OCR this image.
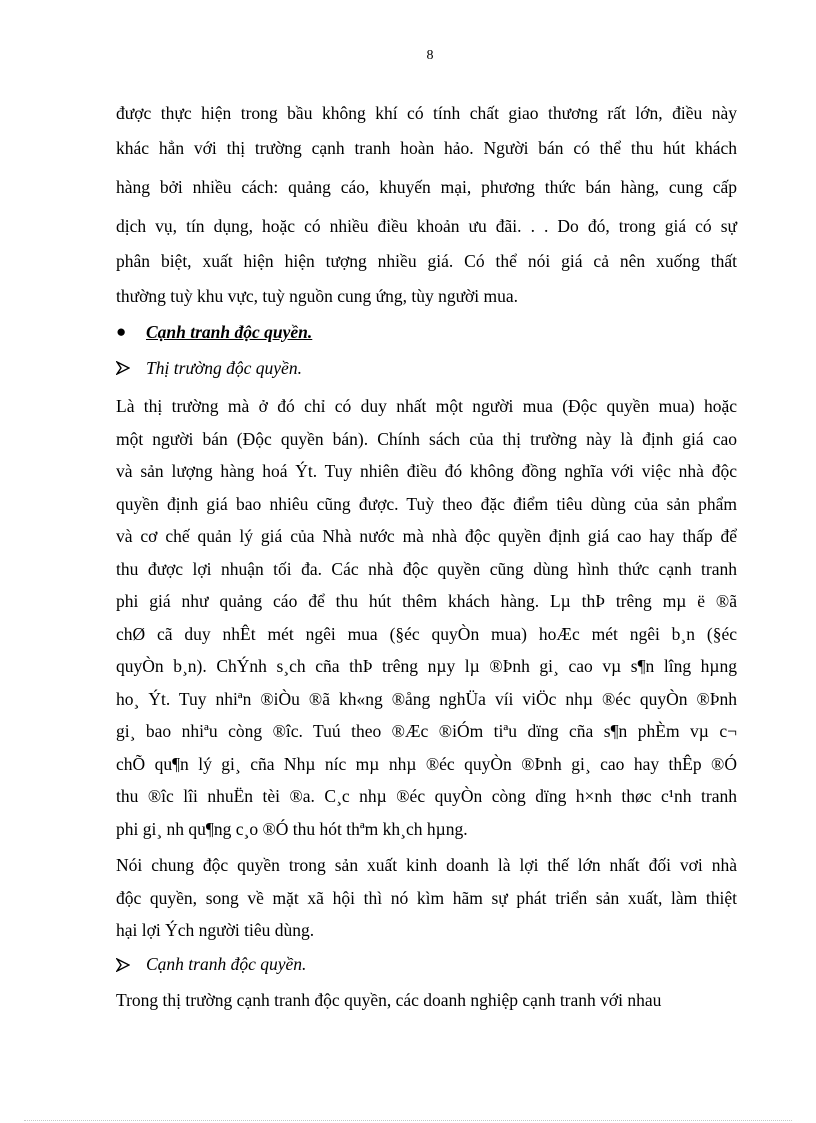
8
được thực hiện trong bầu không khí có tính chất giao thương rất lớn, điều này
khác hẳn với thị trường cạnh tranh hoàn hảo. Người bán có thể thu hút khách
hàng bởi nhiều cách: quảng cáo, khuyến mại, phương thức bán hàng, cung cấp
dịch vụ, tín dụng, hoặc có nhiều điều khoản ưu đãi. . . Do đó, trong giá có sự
phân biệt, xuất hiện hiện tượng nhiều giá. Có thể nói giá cả nên xuống thất
thường tuỳ khu vực, tuỳ nguồn cung ứng, tùy người mua.
●	Cạnh tranh độc quyền.
Thị trường độc quyền.
Là thị trường mà ở đó chỉ có duy nhất một người mua (Độc quyền mua) hoặc
một người bán (Độc quyền bán). Chính sách của thị trường này là định giá cao
và sản lượng hàng hoá Ýt. Tuy nhiên điều đó không đồng nghĩa với việc nhà độc
quyền định giá bao nhiêu cũng được. Tuỳ theo đặc điểm tiêu dùng của sản phẩm
và cơ chế quản lý giá của Nhà nước mà nhà độc quyền định giá cao hay thấp để
thu được lợi nhuận tối đa. Các nhà độc quyền cũng dùng hình thức cạnh tranh
phi giá như quảng cáo để thu hút thêm khách hàng. Lµ thÞ trêng mµ ë ®ã
chØ cã duy nhÊt mét ngêi mua (§éc quyÒn mua) hoÆc mét ngêi b¸n (§éc
quyÒn b¸n). ChÝnh s¸ch cña thÞ trêng nµy lµ ®Þnh gi¸ cao vµ s¶n lîng hµng
ho¸ Ýt. Tuy nhiªn ®iÒu ®ã kh«ng ®ång nghÜa víi viÖc nhµ ®éc quyÒn ®Þnh
gi¸ bao nhiªu còng ®îc. Tuú theo ®Æc ®iÓm tiªu dïng cña s¶n phÈm vµ c¬
chÕ qu¶n lý gi¸ cña Nhµ níc mµ nhµ ®éc quyÒn ®Þnh gi¸ cao hay thÊp ®Ó
thu ®îc lîi nhuËn tèi ®a. C¸c nhµ ®éc quyÒn còng dïng h×nh thøc c¹nh tranh
phi gi¸ nh qu¶ng c¸o ®Ó thu hót thªm kh¸ch hµng.
Nói chung độc quyền trong sản xuất kinh doanh là lợi thế lớn nhất đối vơi nhà
độc quyền, song về mặt xã hội thì nó kìm hãm sự phát triển sản xuất, làm thiệt
hại lợi Ých người tiêu dùng.
Cạnh tranh độc quyền.
Trong thị trường cạnh tranh độc quyền, các doanh nghiệp cạnh tranh với nhau
